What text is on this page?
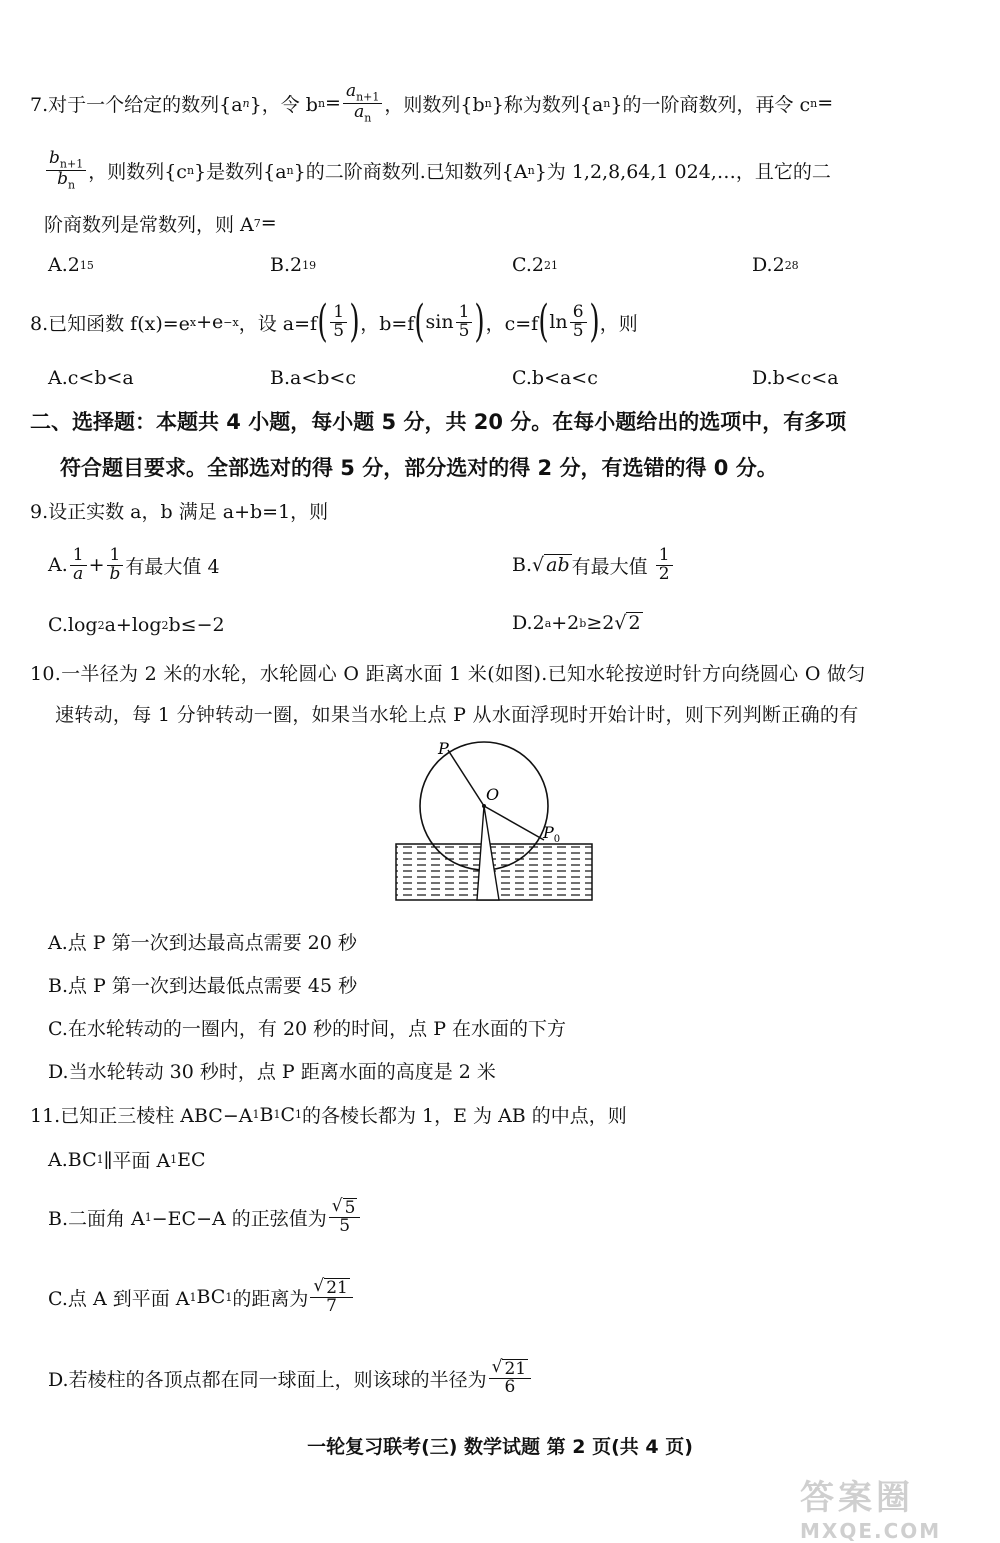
7.对于一个给定的数列{a n }，令 b $n = \frac{a_{n+1}}{a_n}$ ，则数列{b n }称为数列{a n }的一阶商数列，再令 c n =
$\frac{b_{n+1}}{b_n}$ ，则数列{c n }是数列{a n }的二阶商数列.已知数列{A n }为 1,2,8,64,1 024,…，且它的二
阶商数列是常数列，则 A 7 =
A.2 15	B.2 19	C.2 21	D.2 28
8.已知函数 f(x)=e x +e −x ，设 a=f ( $\frac{1}{5}$ ) ，b=f ( $\sin \frac{1}{5}$ ) ，c=f ( $\ln \frac{6}{5}$ ) ，则
A.c<b<a	B.a<b<c	C.b<a<c	D.b<c<a
二、选择题：本题共 4 小题，每小题 5 分，共 20 分。在每小题给出的选项中，有多项
符合题目要求。全部选对的得 5 分，部分选对的得 2 分，有选错的得 0 分。
9.设正实数 a，b 满足 a+b=1，则
A. $\frac{1}{a} + \frac{1}{b}$ 有最大值 4	B. √ ab 有最大值
$\frac{1}{2}$
C.log 2 a+log 2 b≤−2	D.2 a +2 b ≥2 √ 2
10.一半径为 2 米的水轮，水轮圆心 O 距离水面 1 米(如图).已知水轮按逆时针方向绕圆心 O 做匀
速转动，每 1 分钟转动一圈，如果当水轮上点 P 从水面浮现时开始计时，则下列判断正确的有
P
O
$P_0$
A.点 P 第一次到达最高点需要 20 秒
B.点 P 第一次到达最低点需要 45 秒
C.在水轮转动的一圈内，有 20 秒的时间，点 P 在水面的下方
D.当水轮转动 30 秒时，点 P 距离水面的高度是 2 米
11.已知正三棱柱 ABC−A 1 B 1 C 1 的各棱长都为 1，E 为 AB 的中点，则
A.BC 1 ∥平面 A 1 EC
B.二面角 A 1 −EC−A 的正弦值为 $\frac{√ 5}{5}$
C.点 A 到平面 A 1 BC 1 的距离为 $\frac{√ 21}{7}$
D.若棱柱的各顶点都在同一球面上，则该球的半径为 $\frac{√ 21}{6}$
一轮复习联考(三) 数学试题 第 2 页(共 4 页)
答案圈
MXQE.COM
